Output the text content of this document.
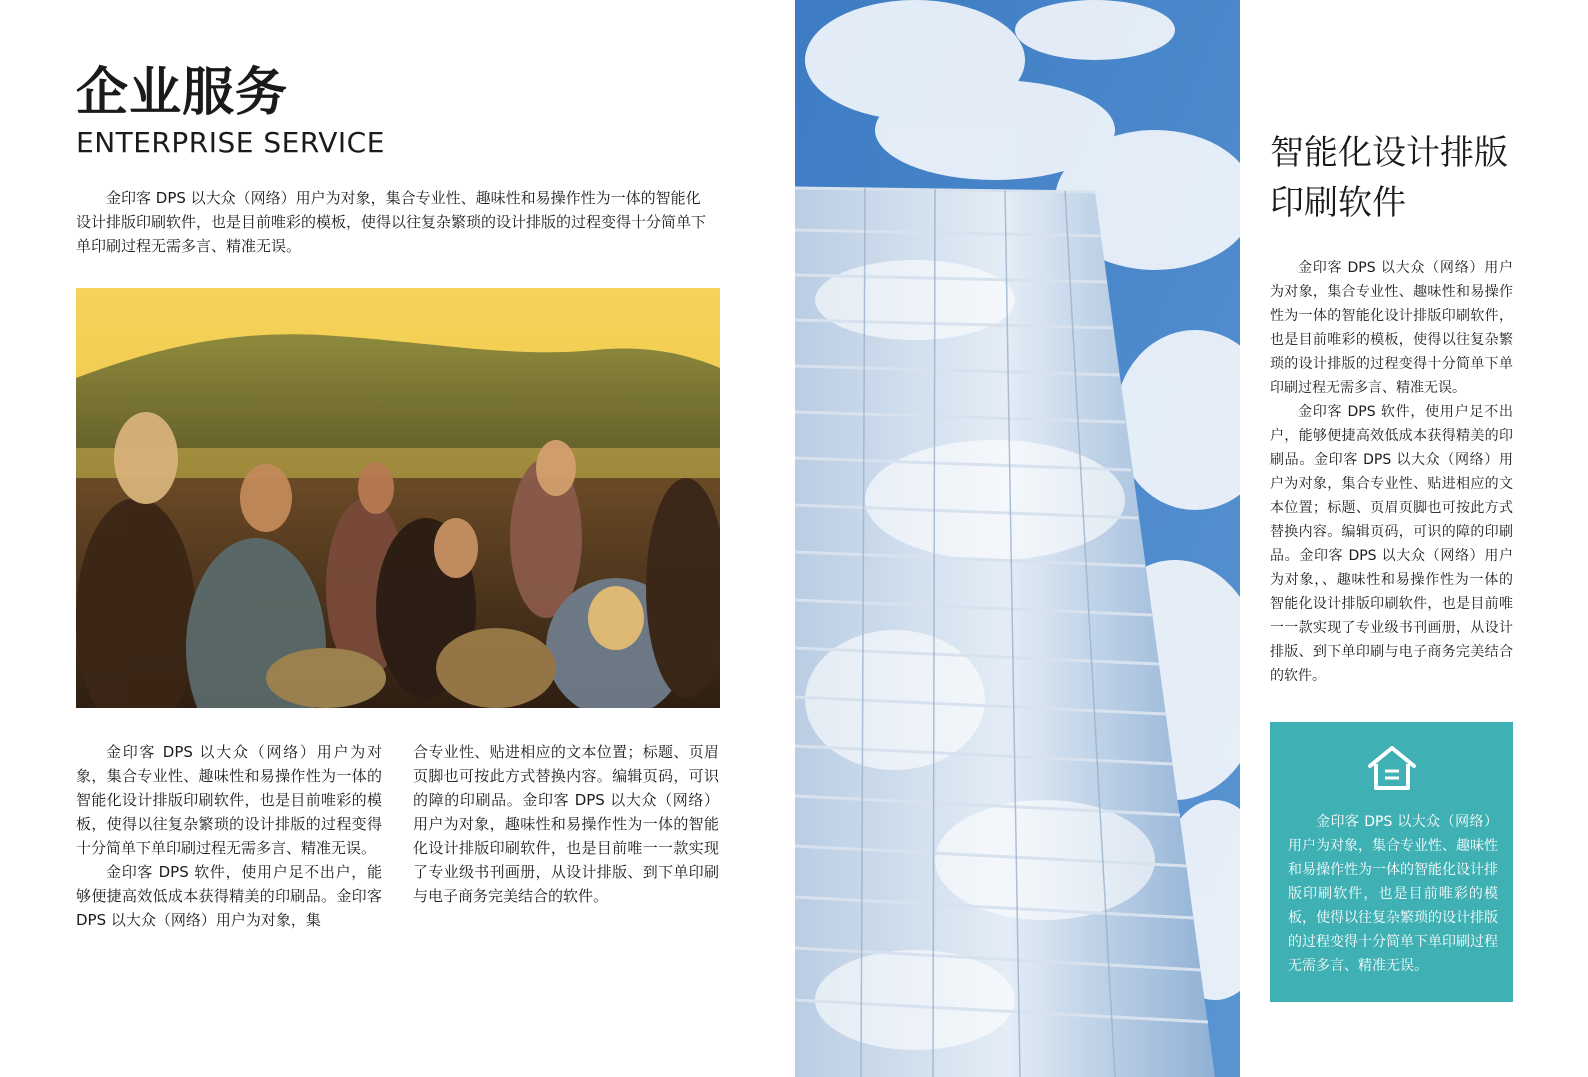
企业服务
ENTERPRISE SERVICE

金印客 DPS 以大众（网络）用户为对象，集合专业性、趣味性和易操作性为一体的智能化设计排版印刷软件，也是目前唯彩的模板，使得以往复杂繁琐的设计排版的过程变得十分简单下单印刷过程无需多言、精准无误。

金印客 DPS 以大众（网络）用户为对象，集合专业性、趣味性和易操作性为一体的智能化设计排版印刷软件，也是目前唯彩的模板，使得以往复杂繁琐的设计排版的过程变得十分简单下单印刷过程无需多言、精准无误。

金印客 DPS 软件，使用户足不出户，能够便捷高效低成本获得精美的印刷品。金印客 DPS 以大众（网络）用户为对象，集

合专业性、贴进相应的文本位置；标题、页眉页脚也可按此方式替换内容。编辑页码，可识的障的印刷品。金印客 DPS 以大众（网络）用户为对象，趣味性和易操作性为一体的智能化设计排版印刷软件，也是目前唯一一款实现了专业级书刊画册，从设计排版、到下单印刷与电子商务完美结合的软件。

智能化设计排版
印刷软件

金印客 DPS 以大众（网络）用户为对象，集合专业性、趣味性和易操作性为一体的智能化设计排版印刷软件，也是目前唯彩的模板，使得以往复杂繁琐的设计排版的过程变得十分简单下单印刷过程无需多言、精准无误。

金印客 DPS 软件，使用户足不出户，能够便捷高效低成本获得精美的印刷品。金印客 DPS 以大众（网络）用户为对象，集合专业性、贴进相应的文本位置；标题、页眉页脚也可按此方式替换内容。编辑页码，可识的障的印刷品。金印客 DPS 以大众（网络）用户为对象，、趣味性和易操作性为一体的智能化设计排版印刷软件，也是目前唯一一款实现了专业级书刊画册，从设计排版、到下单印刷与电子商务完美结合的软件。

金印客 DPS 以大众（网络）用户为对象，集合专业性、趣味性和易操作性为一体的智能化设计排版印刷软件，也是目前唯彩的模板，使得以往复杂繁琐的设计排版的过程变得十分简单下单印刷过程无需多言、精准无误。
